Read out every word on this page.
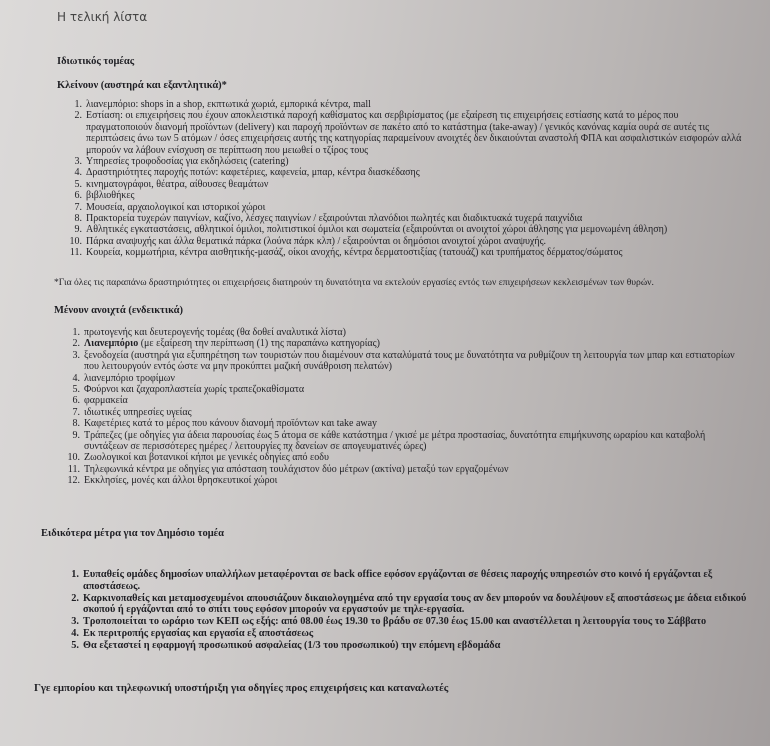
Η τελική λίστα
Ιδιωτικός τομέας
Κλείνουν (αυστηρά και εξαντλητικά)*
1. λιανεμπόριο: shops in a shop, εκπτωτικά χωριά, εμπορικά κέντρα, mall
2. Εστίαση: οι επιχειρήσεις που έχουν αποκλειστικά παροχή καθίσματος και σερβιρίσματος (με εξαίρεση τις επιχειρήσεις εστίασης κατά το μέρος που πραγματοποιούν διανομή προϊόντων (delivery) και παροχή προϊόντων σε πακέτο από το κατάστημα (take-away) / γενικός κανόνας καμία ουρά σε αυτές τις περιπτώσεις άνω των 5 ατόμων / όσες επιχειρήσεις αυτής της κατηγορίας παραμείνουν ανοιχτές δεν δικαιούνται αναστολή ΦΠΑ και ασφαλιστικών εισφορών αλλά μπορούν να λάβουν ενίσχυση σε περίπτωση που μειωθεί ο τζίρος τους
3. Υπηρεσίες τροφοδοσίας για εκδηλώσεις (catering)
4. Δραστηριότητες παροχής ποτών: καφετέριες, καφενεία, μπαρ, κέντρα διασκέδασης
5. κινηματογράφοι, θέατρα, αίθουσες θεαμάτων
6. βιβλιοθήκες
7. Μουσεία, αρχαιολογικοί και ιστορικοί χώροι
8. Πρακτορεία τυχερών παιγνίων, καζίνο, λέσχες παιγνίων / εξαιρούνται πλανόδιοι πωλητές και διαδικτυακά τυχερά παιχνίδια
9. Αθλητικές εγκαταστάσεις, αθλητικοί όμιλοι, πολιτιστικοί όμιλοι και σωματεία (εξαιρούνται οι ανοιχτοί χώροι άθλησης για μεμονωμένη άθληση)
10. Πάρκα αναψυχής και άλλα θεματικά πάρκα (λούνα πάρκ κλπ) / εξαιρούνται οι δημόσιοι ανοιχτοί χώροι αναψυχής.
11. Κουρεία, κομμωτήρια, κέντρα αισθητικής-μασάζ, οίκοι ανοχής, κέντρα δερματοστιξίας (τατουάζ) και τρυπήματος δέρματος/σώματος
*Για όλες τις παραπάνω δραστηριότητες οι επιχειρήσεις διατηρούν τη δυνατότητα να εκτελούν εργασίες εντός των επιχειρήσεων κεκλεισμένων των θυρών.
Μένουν ανοιχτά (ενδεικτικά)
1. πρωτογενής και δευτερογενής τομέας (θα δοθεί αναλυτικά λίστα)
2. Λιανεμπόριο (με εξαίρεση την περίπτωση (1) της παραπάνω κατηγορίας)
3. ξενοδοχεία (αυστηρά για εξυπηρέτηση των τουριστών που διαμένουν στα καταλύματά τους με δυνατότητα να ρυθμίζουν τη λειτουργία των μπαρ και εστιατορίων που λειτουργούν εντός ώστε να μην προκύπτει μαζική συνάθροιση πελατών)
4. λιανεμπόριο τροφίμων
5. Φούρνοι και ζαχαροπλαστεία χωρίς τραπεζοκαθίσματα
6. φαρμακεία
7. ιδιωτικές υπηρεσίες υγείας
8. Καφετέριες κατά το μέρος που κάνουν διανομή προϊόντων και take away
9. Τράπεζες (με οδηγίες για άδεια παρουσίας έως 5 άτομα σε κάθε κατάστημα / γκισέ με μέτρα προστασίας, δυνατότητα επιμήκυνσης ωραρίου και καταβολή συντάξεων σε περισσότερες ημέρες / λειτουργίες πχ δανείων σε απογευματινές ώρες)
10. Ζωολογικοί και βοτανικοί κήποι με γενικές οδηγίες από εοδυ
11. Τηλεφωνικά κέντρα με οδηγίες για απόσταση τουλάχιστον δύο μέτρων (ακτίνα) μεταξύ των εργαζομένων
12. Εκκλησίες, μονές και άλλοι θρησκευτικοί χώροι
Ειδικότερα μέτρα για τον Δημόσιο τομέα
1. Ευπαθείς ομάδες δημοσίων υπαλλήλων μεταφέρονται σε back office εφόσον εργάζονται σε θέσεις παροχής υπηρεσιών στο κοινό ή εργάζονται εξ αποστάσεως.
2. Καρκινοπαθείς και μεταμοσχευμένοι απουσιάζουν δικαιολογημένα από την εργασία τους αν δεν μπορούν να δουλέψουν εξ αποστάσεως με άδεια ειδικού σκοπού ή εργάζονται από το σπίτι τους εφόσον μπορούν να εργαστούν με τηλε-εργασία.
3. Τροποποιείται το ωράριο των ΚΕΠ ως εξής: από 08.00 έως 19.30 το βράδυ σε 07.30 έως 15.00 και αναστέλλεται η λειτουργία τους το Σάββατο
4. Εκ περιτροπής εργασίας και εργασία εξ αποστάσεως
5. Θα εξεταστεί η εφαρμογή προσωπικού ασφαλείας (1/3 του προσωπικού) την επόμενη εβδομάδα
Γγε εμπορίου και τηλεφωνική υποστήριξη για οδηγίες προς επιχειρήσεις και καταναλωτές
